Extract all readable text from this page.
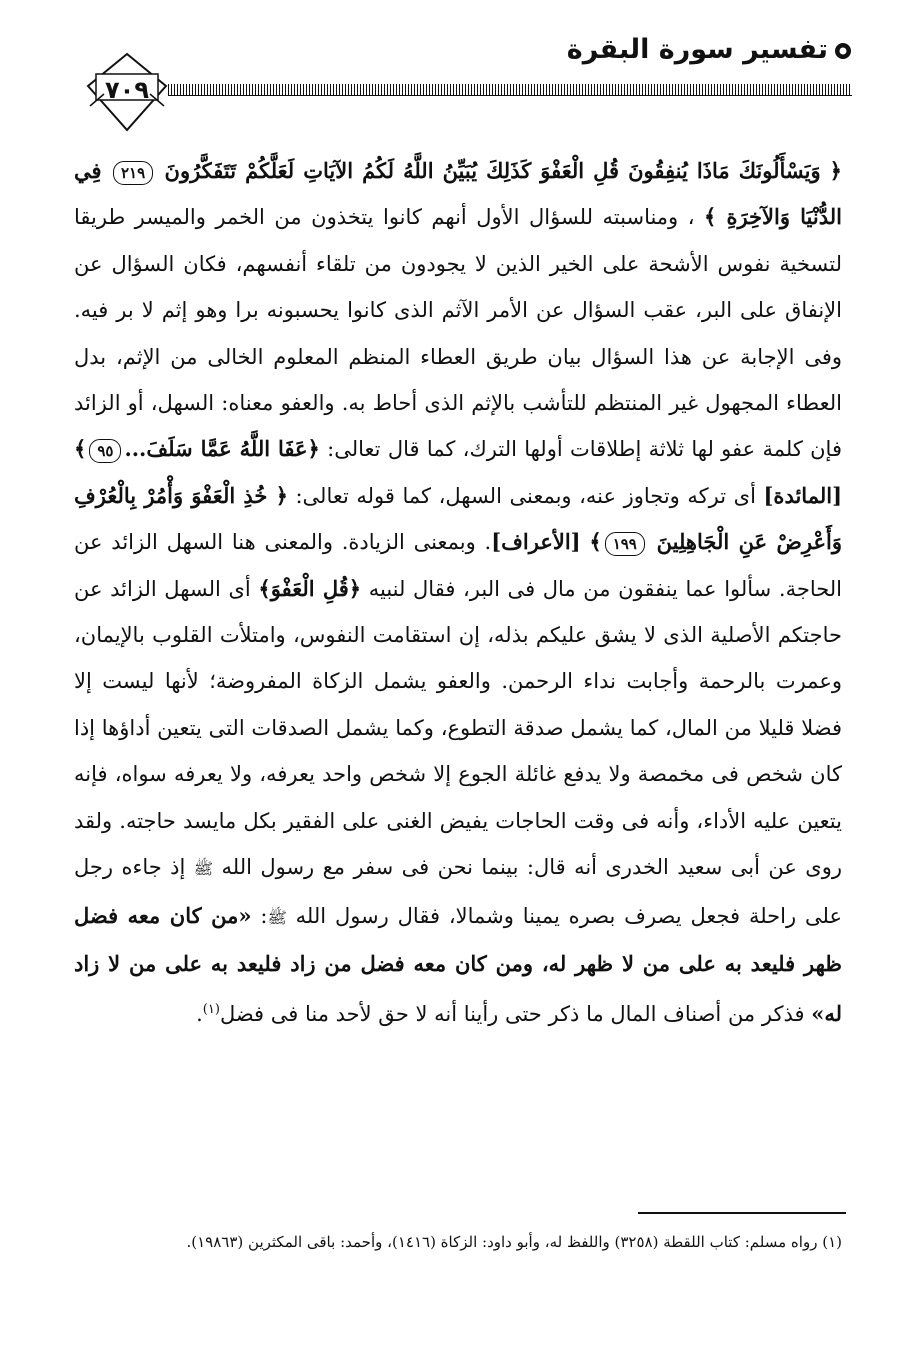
تفسير سورة البقرة
٧٠٩
﴿ وَيَسْأَلُونَكَ مَاذَا يُنفِقُونَ قُلِ الْعَفْوَ كَذَلِكَ يُبَيِّنُ اللَّهُ لَكُمُ الآيَاتِ لَعَلَّكُمْ تَتَفَكَّرُونَ ٢١٩ فِي الدُّنْيَا وَالآخِرَةِ ﴾ ، ومناسبته للسؤال الأول أنهم كانوا يتخذون من الخمر والميسر طريقا لتسخية نفوس الأشحة على الخير الذين لا يجودون من تلقاء أنفسهم، فكان السؤال عن الإنفاق على البر، عقب السؤال عن الأمر الآثم الذى كانوا يحسبونه برا وهو إثم لا بر فيه. وفى الإجابة عن هذا السؤال بيان طريق العطاء المنظم المعلوم الخالى من الإثم، بدل العطاء المجهول غير المنتظم للتأشب بالإثم الذى أحاط به. والعفو معناه: السهل، أو الزائد فإن كلمة عفو لها ثلاثة إطلاقات أولها الترك، كما قال تعالى: ﴿عَفَا اللَّهُ عَمَّا سَلَفَ...٩٥﴾ [المائدة] أى تركه وتجاوز عنه، وبمعنى السهل، كما قوله تعالى: ﴿ خُذِ الْعَفْوَ وَأْمُرْ بِالْعُرْفِ وَأَعْرِضْ عَنِ الْجَاهِلِينَ ١٩٩﴾ [الأعراف]. وبمعنى الزيادة. والمعنى هنا السهل الزائد عن الحاجة. سألوا عما ينفقون من مال فى البر، فقال لنبيه ﴿قُلِ الْعَفْوَ﴾ أى السهل الزائد عن حاجتكم الأصلية الذى لا يشق عليكم بذله، إن استقامت النفوس، وامتلأت القلوب بالإيمان، وعمرت بالرحمة وأجابت نداء الرحمن. والعفو يشمل الزكاة المفروضة؛ لأنها ليست إلا فضلا قليلا من المال، كما يشمل صدقة التطوع، وكما يشمل الصدقات التى يتعين أداؤها إذا كان شخص فى مخمصة ولا يدفع غائلة الجوع إلا شخص واحد يعرفه، ولا يعرفه سواه، فإنه يتعين عليه الأداء، وأنه فى وقت الحاجات يفيض الغنى على الفقير بكل مايسد حاجته. ولقد روى عن أبى سعيد الخدرى أنه قال: بينما نحن فى سفر مع رسول الله ﷺ إذ جاءه رجل على راحلة فجعل يصرف بصره يمينا وشمالا، فقال رسول الله ﷺ: «من كان معه فضل ظهر فليعد به على من لا ظهر له، ومن كان معه فضل من زاد فليعد به على من لا زاد له» فذكر من أصناف المال ما ذكر حتى رأينا أنه لا حق لأحد منا فى فضل$^{(١)}$.
(١) رواه مسلم: كتاب اللقطة (٣٢٥٨) واللفظ له، وأبو داود: الزكاة (١٤١٦)، وأحمد: باقى المكثرين (١٩٨٦٣).
